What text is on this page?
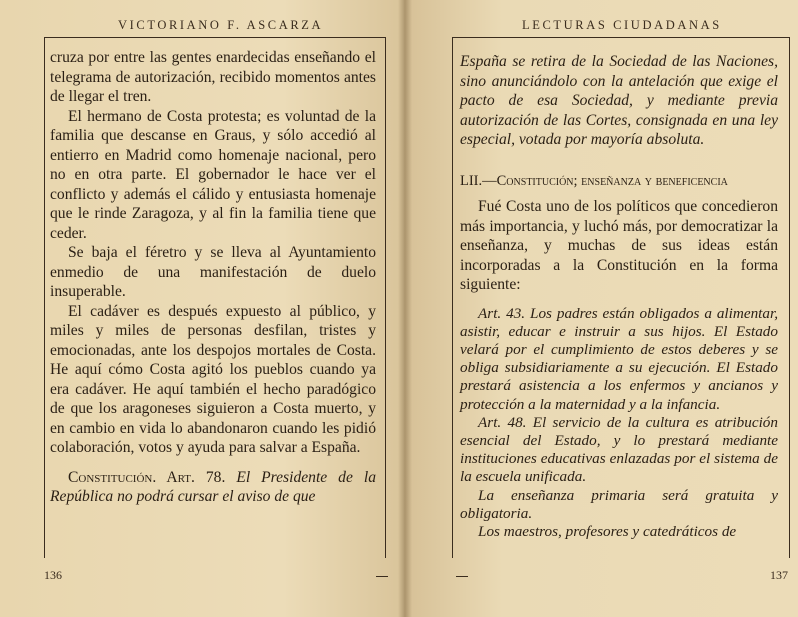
VICTORIANO F. ASCARZA

cruza por entre las gentes enardecidas enseñando el telegrama de autorización, recibido momentos antes de llegar el tren.

El hermano de Costa protesta; es voluntad de la familia que descanse en Graus, y sólo accedió al entierro en Madrid como homenaje nacional, pero no en otra parte. El gobernador le hace ver el conflicto y además el cálido y entusiasta homenaje que le rinde Zaragoza, y al fin la familia tiene que ceder.

Se baja el féretro y se lleva al Ayuntamiento enmedio de una manifestación de duelo insuperable.

El cadáver es después expuesto al público, y miles y miles de personas desfilan, tristes y emocionadas, ante los despojos mortales de Costa. He aquí cómo Costa agitó los pueblos cuando ya era cadáver. He aquí también el hecho paradógico de que los aragoneses siguieron a Costa muerto, y en cambio en vida lo abandonaron cuando les pidió colaboración, votos y ayuda para salvar a España.

Constitución. Art. 78. El Presidente de la República no podrá cursar el aviso de que

136
LECTURAS CIUDADANAS

España se retira de la Sociedad de las Naciones, sino anunciándolo con la antelación que exige el pacto de esa Sociedad, y mediante previa autorización de las Cortes, consignada en una ley especial, votada por mayoría absoluta.

LII.—Constitución; enseñanza y beneficencia

Fué Costa uno de los políticos que concedieron más importancia, y luchó más, por democratizar la enseñanza, y muchas de sus ideas están incorporadas a la Constitución en la forma siguiente:

Art. 43. Los padres están obligados a alimentar, asistir, educar e instruir a sus hijos. El Estado velará por el cumplimiento de estos deberes y se obliga subsidiariamente a su ejecución. El Estado prestará asistencia a los enfermos y ancianos y protección a la maternidad y a la infancia.

Art. 48. El servicio de la cultura es atribución esencial del Estado, y lo prestará mediante instituciones educativas enlazadas por el sistema de la escuela unificada.

La enseñanza primaria será gratuita y obligatoria.

Los maestros, profesores y catedráticos de

137
